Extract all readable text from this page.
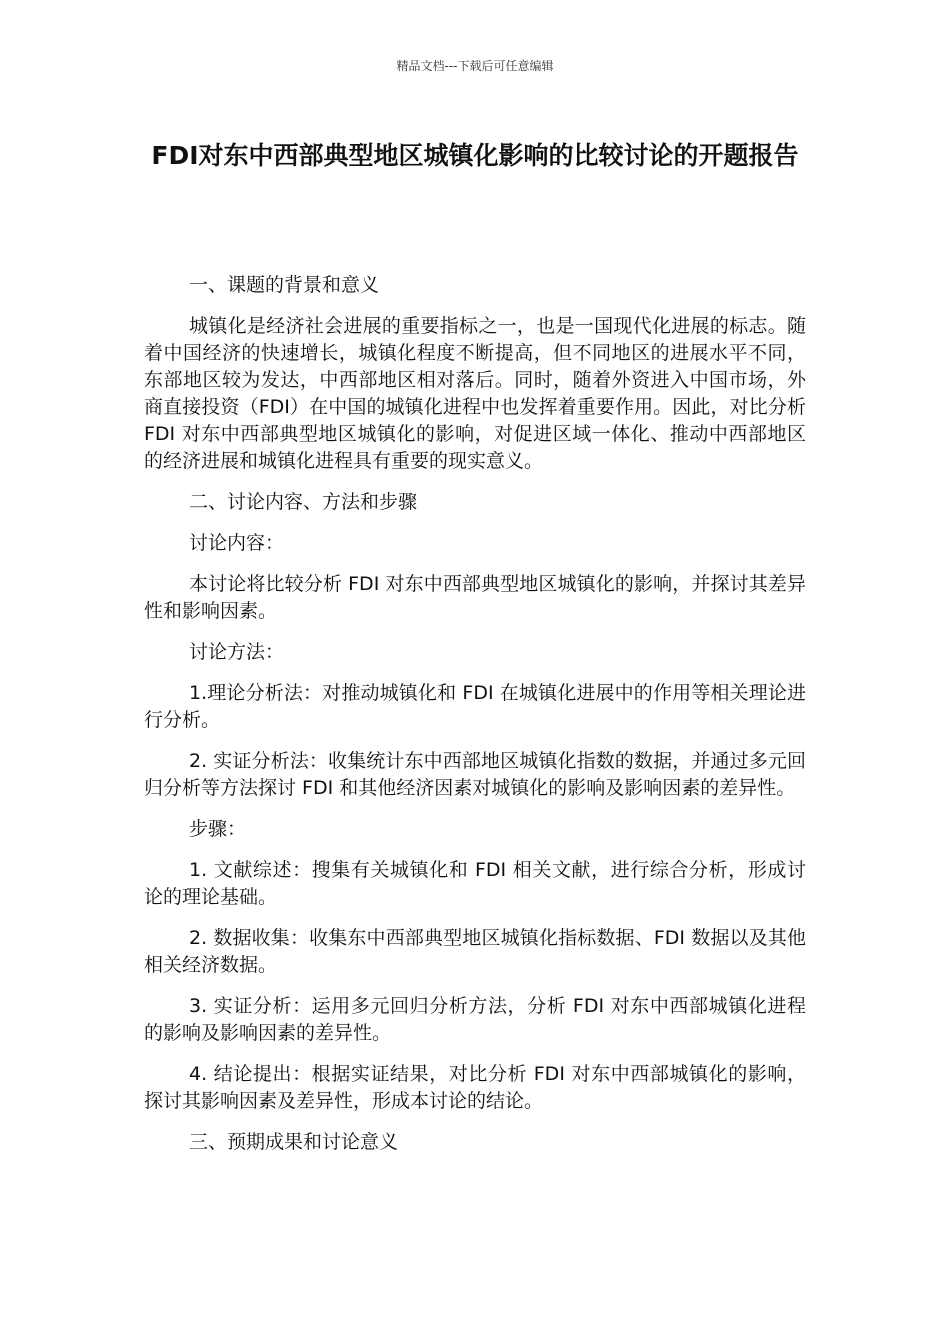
精品文档---下载后可任意编辑
FDI对东中西部典型地区城镇化影响的比较讨论的开题报告

一、课题的背景和意义

城镇化是经济社会进展的重要指标之一，也是一国现代化进展的标志。随着中国经济的快速增长，城镇化程度不断提高，但不同地区的进展水平不同，东部地区较为发达，中西部地区相对落后。同时，随着外资进入中国市场，外商直接投资（FDI）在中国的城镇化进程中也发挥着重要作用。因此，对比分析 FDI 对东中西部典型地区城镇化的影响，对促进区域一体化、推动中西部地区的经济进展和城镇化进程具有重要的现实意义。

二、讨论内容、方法和步骤

讨论内容：

本讨论将比较分析 FDI 对东中西部典型地区城镇化的影响，并探讨其差异性和影响因素。

讨论方法：

1.理论分析法：对推动城镇化和 FDI 在城镇化进展中的作用等相关理论进行分析。

2. 实证分析法：收集统计东中西部地区城镇化指数的数据，并通过多元回归分析等方法探讨 FDI 和其他经济因素对城镇化的影响及影响因素的差异性。

步骤：

1. 文献综述：搜集有关城镇化和 FDI 相关文献，进行综合分析，形成讨论的理论基础。

2. 数据收集：收集东中西部典型地区城镇化指标数据、FDI 数据以及其他相关经济数据。

3. 实证分析：运用多元回归分析方法，分析 FDI 对东中西部城镇化进程的影响及影响因素的差异性。

4. 结论提出：根据实证结果，对比分析 FDI 对东中西部城镇化的影响，探讨其影响因素及差异性，形成本讨论的结论。

三、预期成果和讨论意义
